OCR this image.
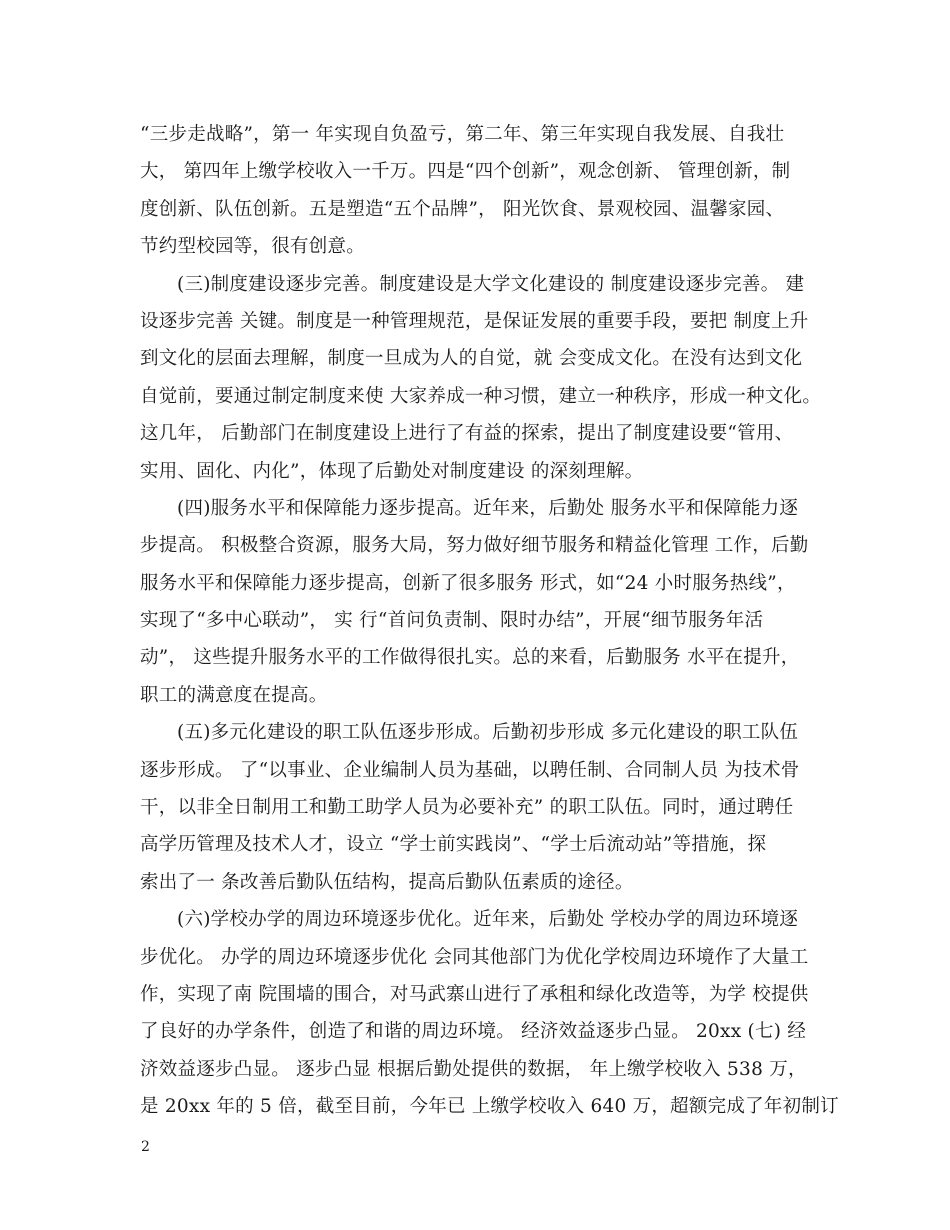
“三步走战略”，第一 年实现自负盈亏，第二年、第三年实现自我发展、自我壮
大， 第四年上缴学校收入一千万。四是“四个创新”，观念创新、 管理创新，制
度创新、队伍创新。五是塑造“五个品牌”， 阳光饮食、景观校园、温馨家园、
节约型校园等，很有创意。
(三)制度建设逐步完善。制度建设是大学文化建设的 制度建设逐步完善。 建
设逐步完善 关键。制度是一种管理规范，是保证发展的重要手段，要把 制度上升
到文化的层面去理解，制度一旦成为人的自觉，就 会变成文化。在没有达到文化
自觉前，要通过制定制度来使 大家养成一种习惯，建立一种秩序，形成一种文化。
这几年， 后勤部门在制度建设上进行了有益的探索，提出了制度建设要“管用、
实用、固化、内化”，体现了后勤处对制度建设 的深刻理解。
(四)服务水平和保障能力逐步提高。近年来，后勤处 服务水平和保障能力逐
步提高。 积极整合资源，服务大局，努力做好细节服务和精益化管理 工作，后勤
服务水平和保障能力逐步提高，创新了很多服务 形式，如“24 小时服务热线”，
实现了“多中心联动”， 实 行“首问负责制、限时办结”，开展“细节服务年活
动”， 这些提升服务水平的工作做得很扎实。总的来看，后勤服务 水平在提升，
职工的满意度在提高。
(五)多元化建设的职工队伍逐步形成。后勤初步形成 多元化建设的职工队伍
逐步形成。 了“以事业、企业编制人员为基础，以聘任制、合同制人员 为技术骨
干，以非全日制用工和勤工助学人员为必要补充” 的职工队伍。同时，通过聘任
高学历管理及技术人才，设立 “学士前实践岗”、“学士后流动站”等措施，探
索出了一 条改善后勤队伍结构，提高后勤队伍素质的途径。
(六)学校办学的周边环境逐步优化。近年来，后勤处 学校办学的周边环境逐
步优化。 办学的周边环境逐步优化 会同其他部门为优化学校周边环境作了大量工
作，实现了南 院围墙的围合，对马武寨山进行了承租和绿化改造等，为学 校提供
了良好的办学条件，创造了和谐的周边环境。 经济效益逐步凸显。 20xx (七) 经
济效益逐步凸显。 逐步凸显 根据后勤处提供的数据， 年上缴学校收入 538 万，
是 20xx 年的 5 倍，截至目前，今年已 上缴学校收入 640 万，超额完成了年初制订
2
